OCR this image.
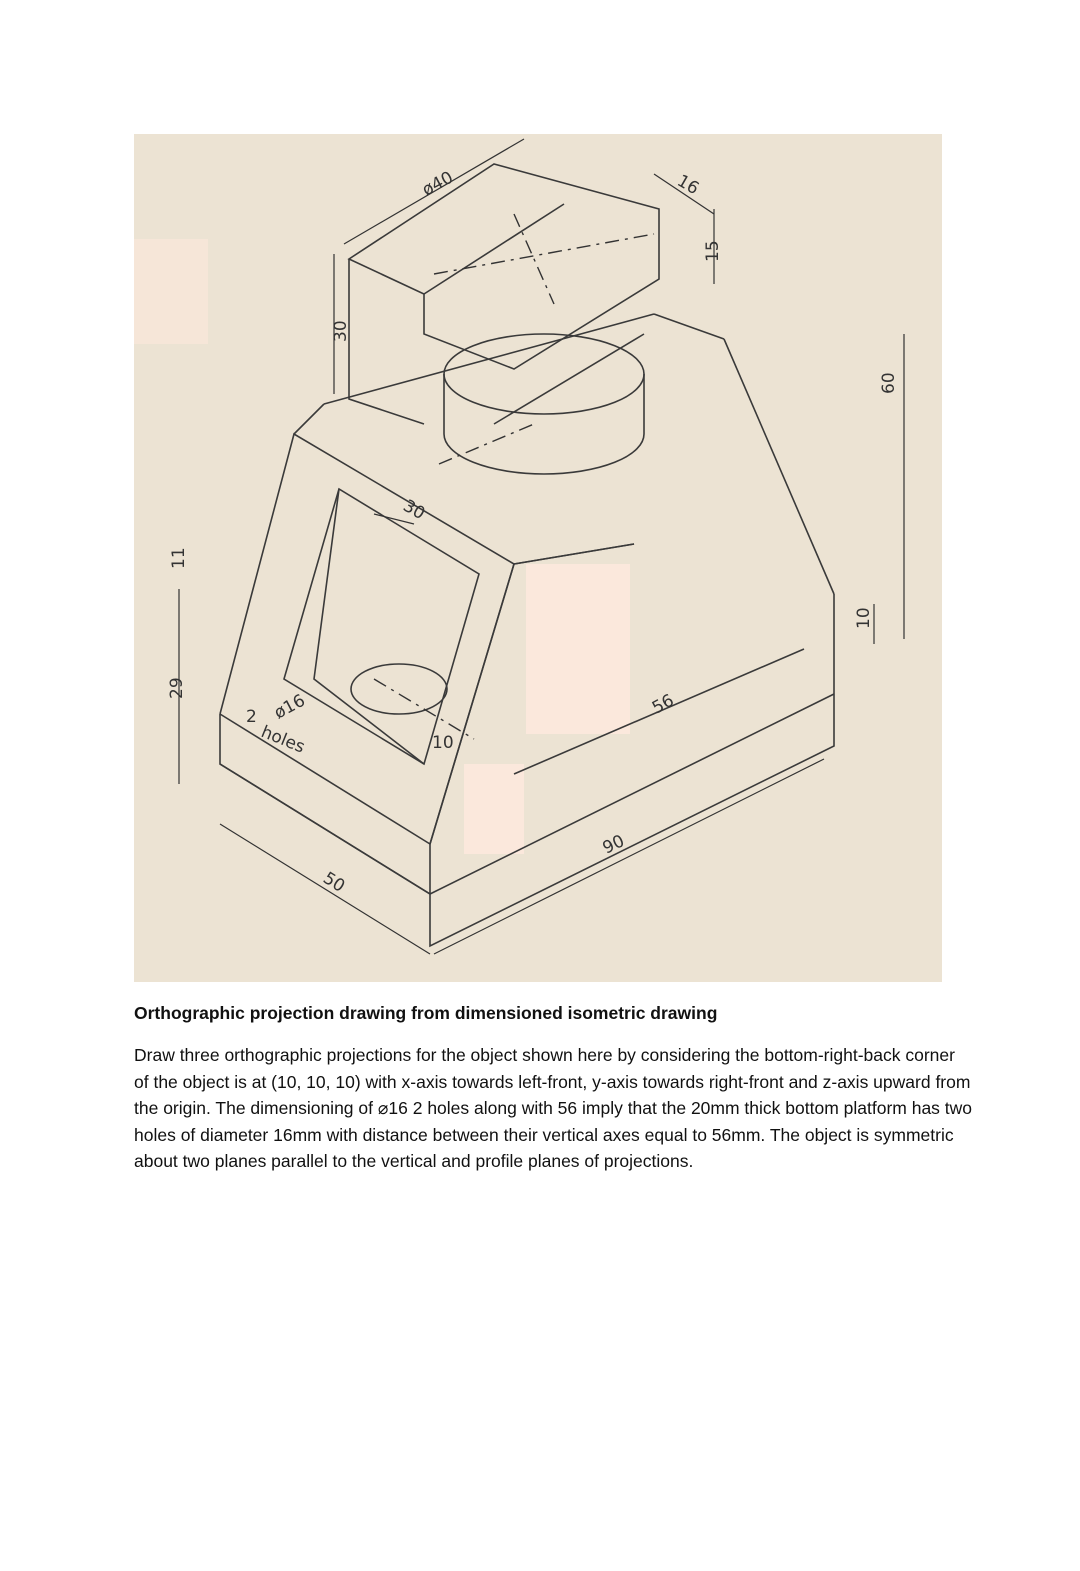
ø40	16
15
30
30
11
29
2 ø16
holes	10
56
90
50
60
10

Orthographic projection drawing from dimensioned isometric drawing

Draw three orthographic projections for the object shown here by considering the bottom-right-back corner of the object is at (10, 10, 10) with x-axis towards left-front, y-axis towards right-front and z-axis upward from the origin. The dimensioning of ⌀16 2 holes along with 56 imply that the 20mm thick bottom platform has two holes of diameter 16mm with distance between their vertical axes equal to 56mm. The object is symmetric about two planes parallel to the vertical and profile planes of projections.
